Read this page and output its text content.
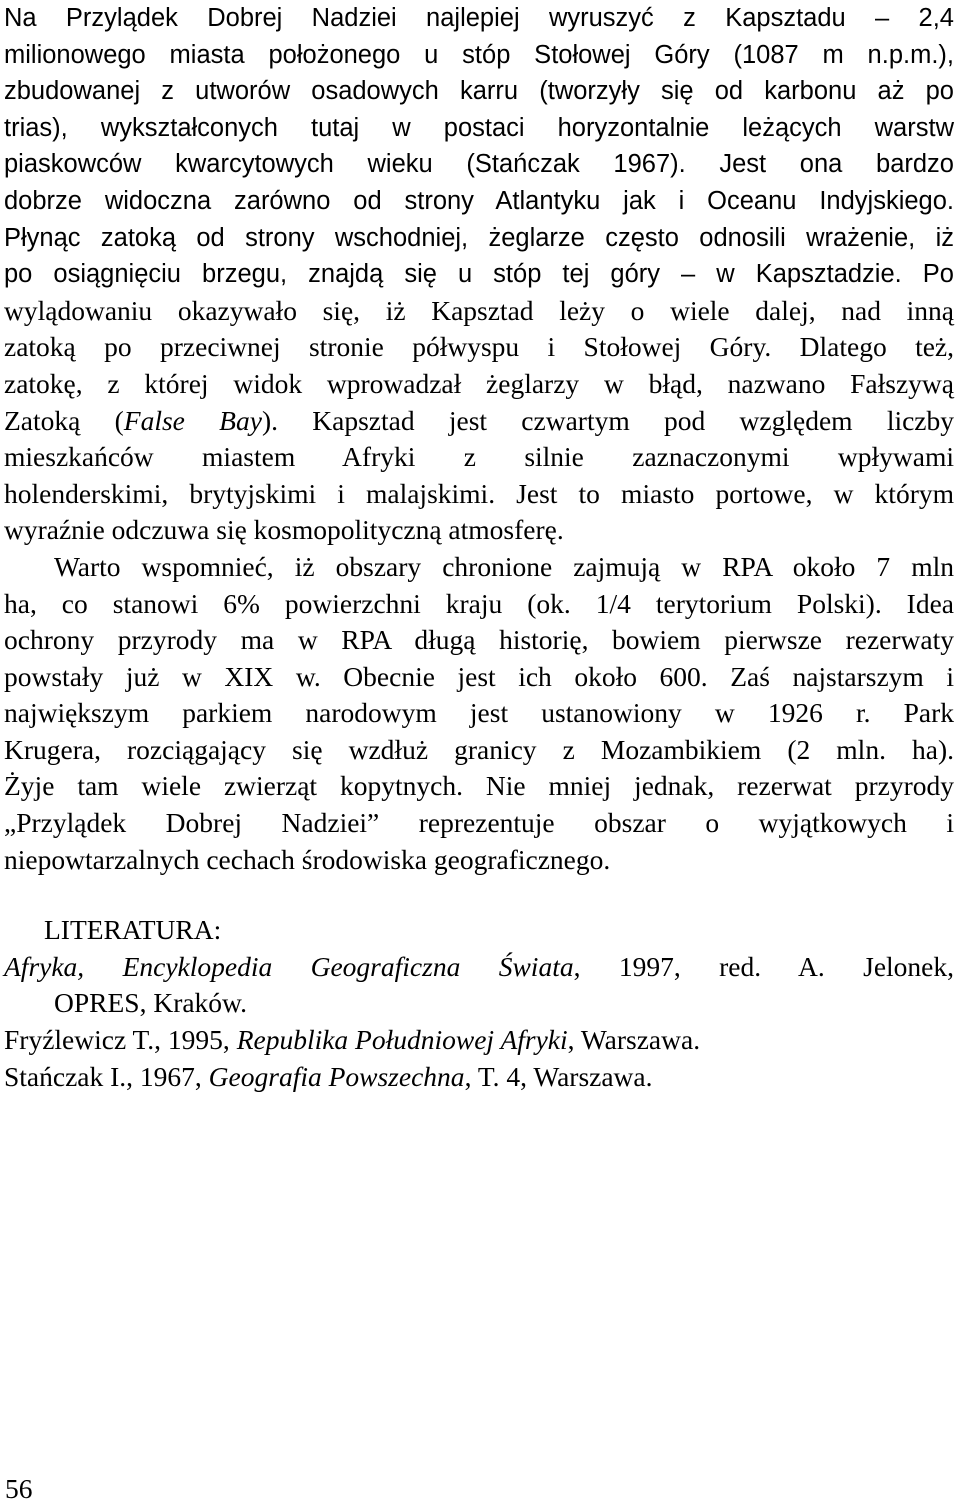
Na Przylądek Dobrej Nadziei najlepiej wyruszyć z Kapsztadu – 2,4
milionowego miasta położonego u stóp Stołowej Góry (1087 m n.p.m.),
zbudowanej z utworów osadowych karru (tworzyły się od karbonu aż po
trias), wykształconych tutaj w postaci horyzontalnie leżących warstw
piaskowców kwarcytowych wieku (Stańczak 1967). Jest ona bardzo
dobrze widoczna zarówno od strony Atlantyku jak i Oceanu Indyjskiego.
Płynąc zatoką od strony wschodniej, żeglarze często odnosili wrażenie, iż
po osiągnięciu brzegu, znajdą się u stóp tej góry – w Kapsztadzie. Po
wylądowaniu okazywało się, iż Kapsztad leży o wiele dalej, nad inną
zatoką po przeciwnej stronie półwyspu i Stołowej Góry. Dlatego też,
zatokę, z której widok wprowadzał żeglarzy w błąd, nazwano Fałszywą
Zatoką (False Bay). Kapsztad jest czwartym pod względem liczby
mieszkańców miastem Afryki z silnie zaznaczonymi wpływami
holenderskimi, brytyjskimi i malajskimi. Jest to miasto portowe, w którym
wyraźnie odczuwa się kosmopolityczną atmosferę.
Warto wspomnieć, iż obszary chronione zajmują w RPA około 7 mln
ha, co stanowi 6% powierzchni kraju (ok. 1/4 terytorium Polski). Idea
ochrony przyrody ma w RPA długą historię, bowiem pierwsze rezerwaty
powstały już w XIX w. Obecnie jest ich około 600. Zaś najstarszym i
największym parkiem narodowym jest ustanowiony w 1926 r. Park
Krugera, rozciągający się wzdłuż granicy z Mozambikiem (2 mln. ha).
Żyje tam wiele zwierząt kopytnych. Nie mniej jednak, rezerwat przyrody
„Przylądek Dobrej Nadziei” reprezentuje obszar o wyjątkowych i
niepowtarzalnych cechach środowiska geograficznego.
LITERATURA:
Afryka, Encyklopedia Geograficzna Świata, 1997, red. A. Jelonek,
OPRES, Kraków.
Fryźlewicz T., 1995, Republika Południowej Afryki, Warszawa.
Stańczak I., 1967, Geografia Powszechna, T. 4, Warszawa.
56
